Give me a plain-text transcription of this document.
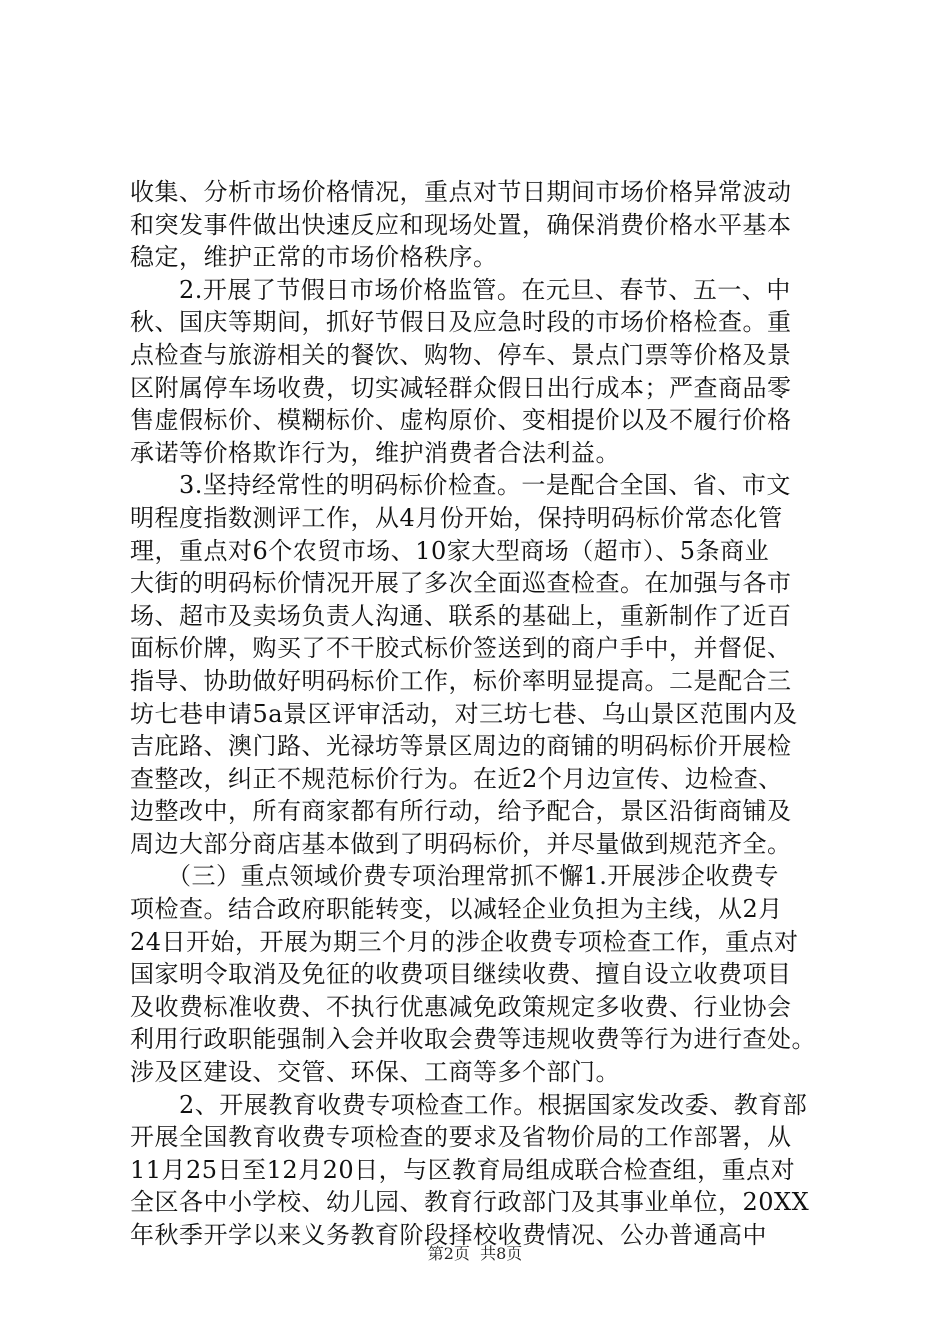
收集、分析市场价格情况，重点对节日期间市场价格异常波动
和突发事件做出快速反应和现场处置，确保消费价格水平基本
稳定，维护正常的市场价格秩序。
　　2.开展了节假日市场价格监管。在元旦、春节、五一、中
秋、国庆等期间，抓好节假日及应急时段的市场价格检查。重
点检查与旅游相关的餐饮、购物、停车、景点门票等价格及景
区附属停车场收费，切实减轻群众假日出行成本；严查商品零
售虚假标价、模糊标价、虚构原价、变相提价以及不履行价格
承诺等价格欺诈行为，维护消费者合法利益。
　　3.坚持经常性的明码标价检查。一是配合全国、省、市文
明程度指数测评工作，从4月份开始，保持明码标价常态化管
理，重点对6个农贸市场、10家大型商场（超市）、5条商业
大街的明码标价情况开展了多次全面巡查检查。在加强与各市
场、超市及卖场负责人沟通、联系的基础上，重新制作了近百
面标价牌，购买了不干胶式标价签送到的商户手中，并督促、
指导、协助做好明码标价工作，标价率明显提高。二是配合三
坊七巷申请5a景区评审活动，对三坊七巷、乌山景区范围内及
吉庇路、澳门路、光禄坊等景区周边的商铺的明码标价开展检
查整改，纠正不规范标价行为。在近2个月边宣传、边检查、
边整改中，所有商家都有所行动，给予配合，景区沿街商铺及
周边大部分商店基本做到了明码标价，并尽量做到规范齐全。
　　（三）重点领域价费专项治理常抓不懈1.开展涉企收费专
项检查。结合政府职能转变，以减轻企业负担为主线，从2月
24日开始，开展为期三个月的涉企收费专项检查工作，重点对
国家明令取消及免征的收费项目继续收费、擅自设立收费项目
及收费标准收费、不执行优惠减免政策规定多收费、行业协会
利用行政职能强制入会并收取会费等违规收费等行为进行查处。
涉及区建设、交管、环保、工商等多个部门。
　　2、开展教育收费专项检查工作。根据国家发改委、教育部
开展全国教育收费专项检查的要求及省物价局的工作部署，从
11月25日至12月20日，与区教育局组成联合检查组，重点对
全区各中小学校、幼儿园、教育行政部门及其事业单位，20XX
年秋季开学以来义务教育阶段择校收费情况、公办普通高中
第2页  共8页
